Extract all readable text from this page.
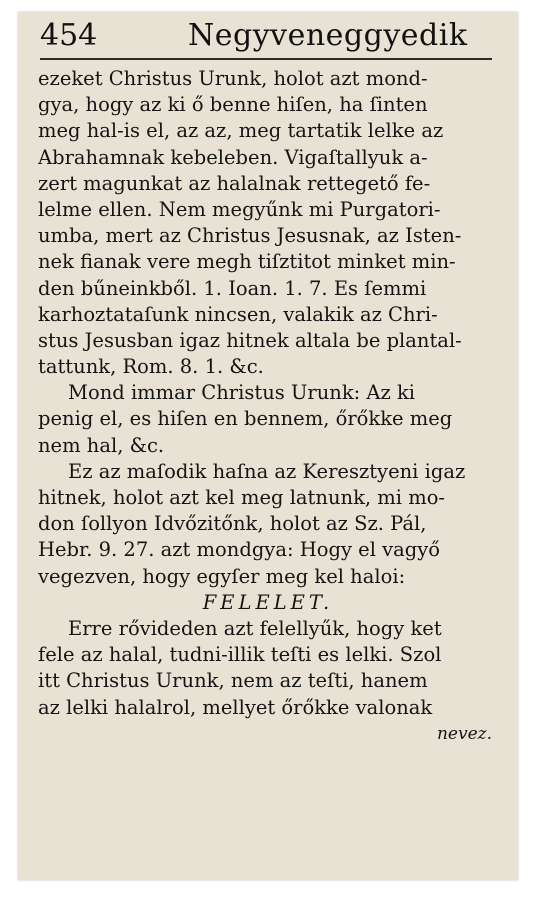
454	Negyveneggyedik
ezeket Christus Urunk, holot azt mond-
gya, hogy az ki ő benne hiſen, ha ſinten
meg hal-is el, az az, meg tartatik lelke az
Abrahamnak kebeleben. Vigaſtallyuk a-
zert magunkat az halalnak rettegető fe-
lelme ellen. Nem megyűnk mi Purgatori-
umba, mert az Christus Jesusnak, az Isten-
nek fianak vere megh tiſztitot minket min-
den bűneinkből. 1. Ioan. 1. 7. Es ſemmi
karhoztataſunk nincsen, valakik az Chri-
stus Jesusban igaz hitnek altala be plantal-
tattunk, Rom. 8. 1. &c.
Mond immar Christus Urunk: Az ki
penig el, es hiſen en bennem, őrőkke meg
nem hal, &c.
Ez az maſodik haſna az Keresztyeni igaz
hitnek, holot azt kel meg latnunk, mi mo-
don ſollyon Idvőzitőnk, holot az Sz. Pál,
Hebr. 9. 27. azt mondgya: Hogy el vagyő
vegezven, hogy egyſer meg kel haloi:
FELELET.
Erre rővideden azt felellyűk, hogy ket
fele az halal, tudni-illik teſti es lelki. Szol
itt Christus Urunk, nem az teſti, hanem
az lelki halalrol, mellyet őrőkke valonak
nevez.
